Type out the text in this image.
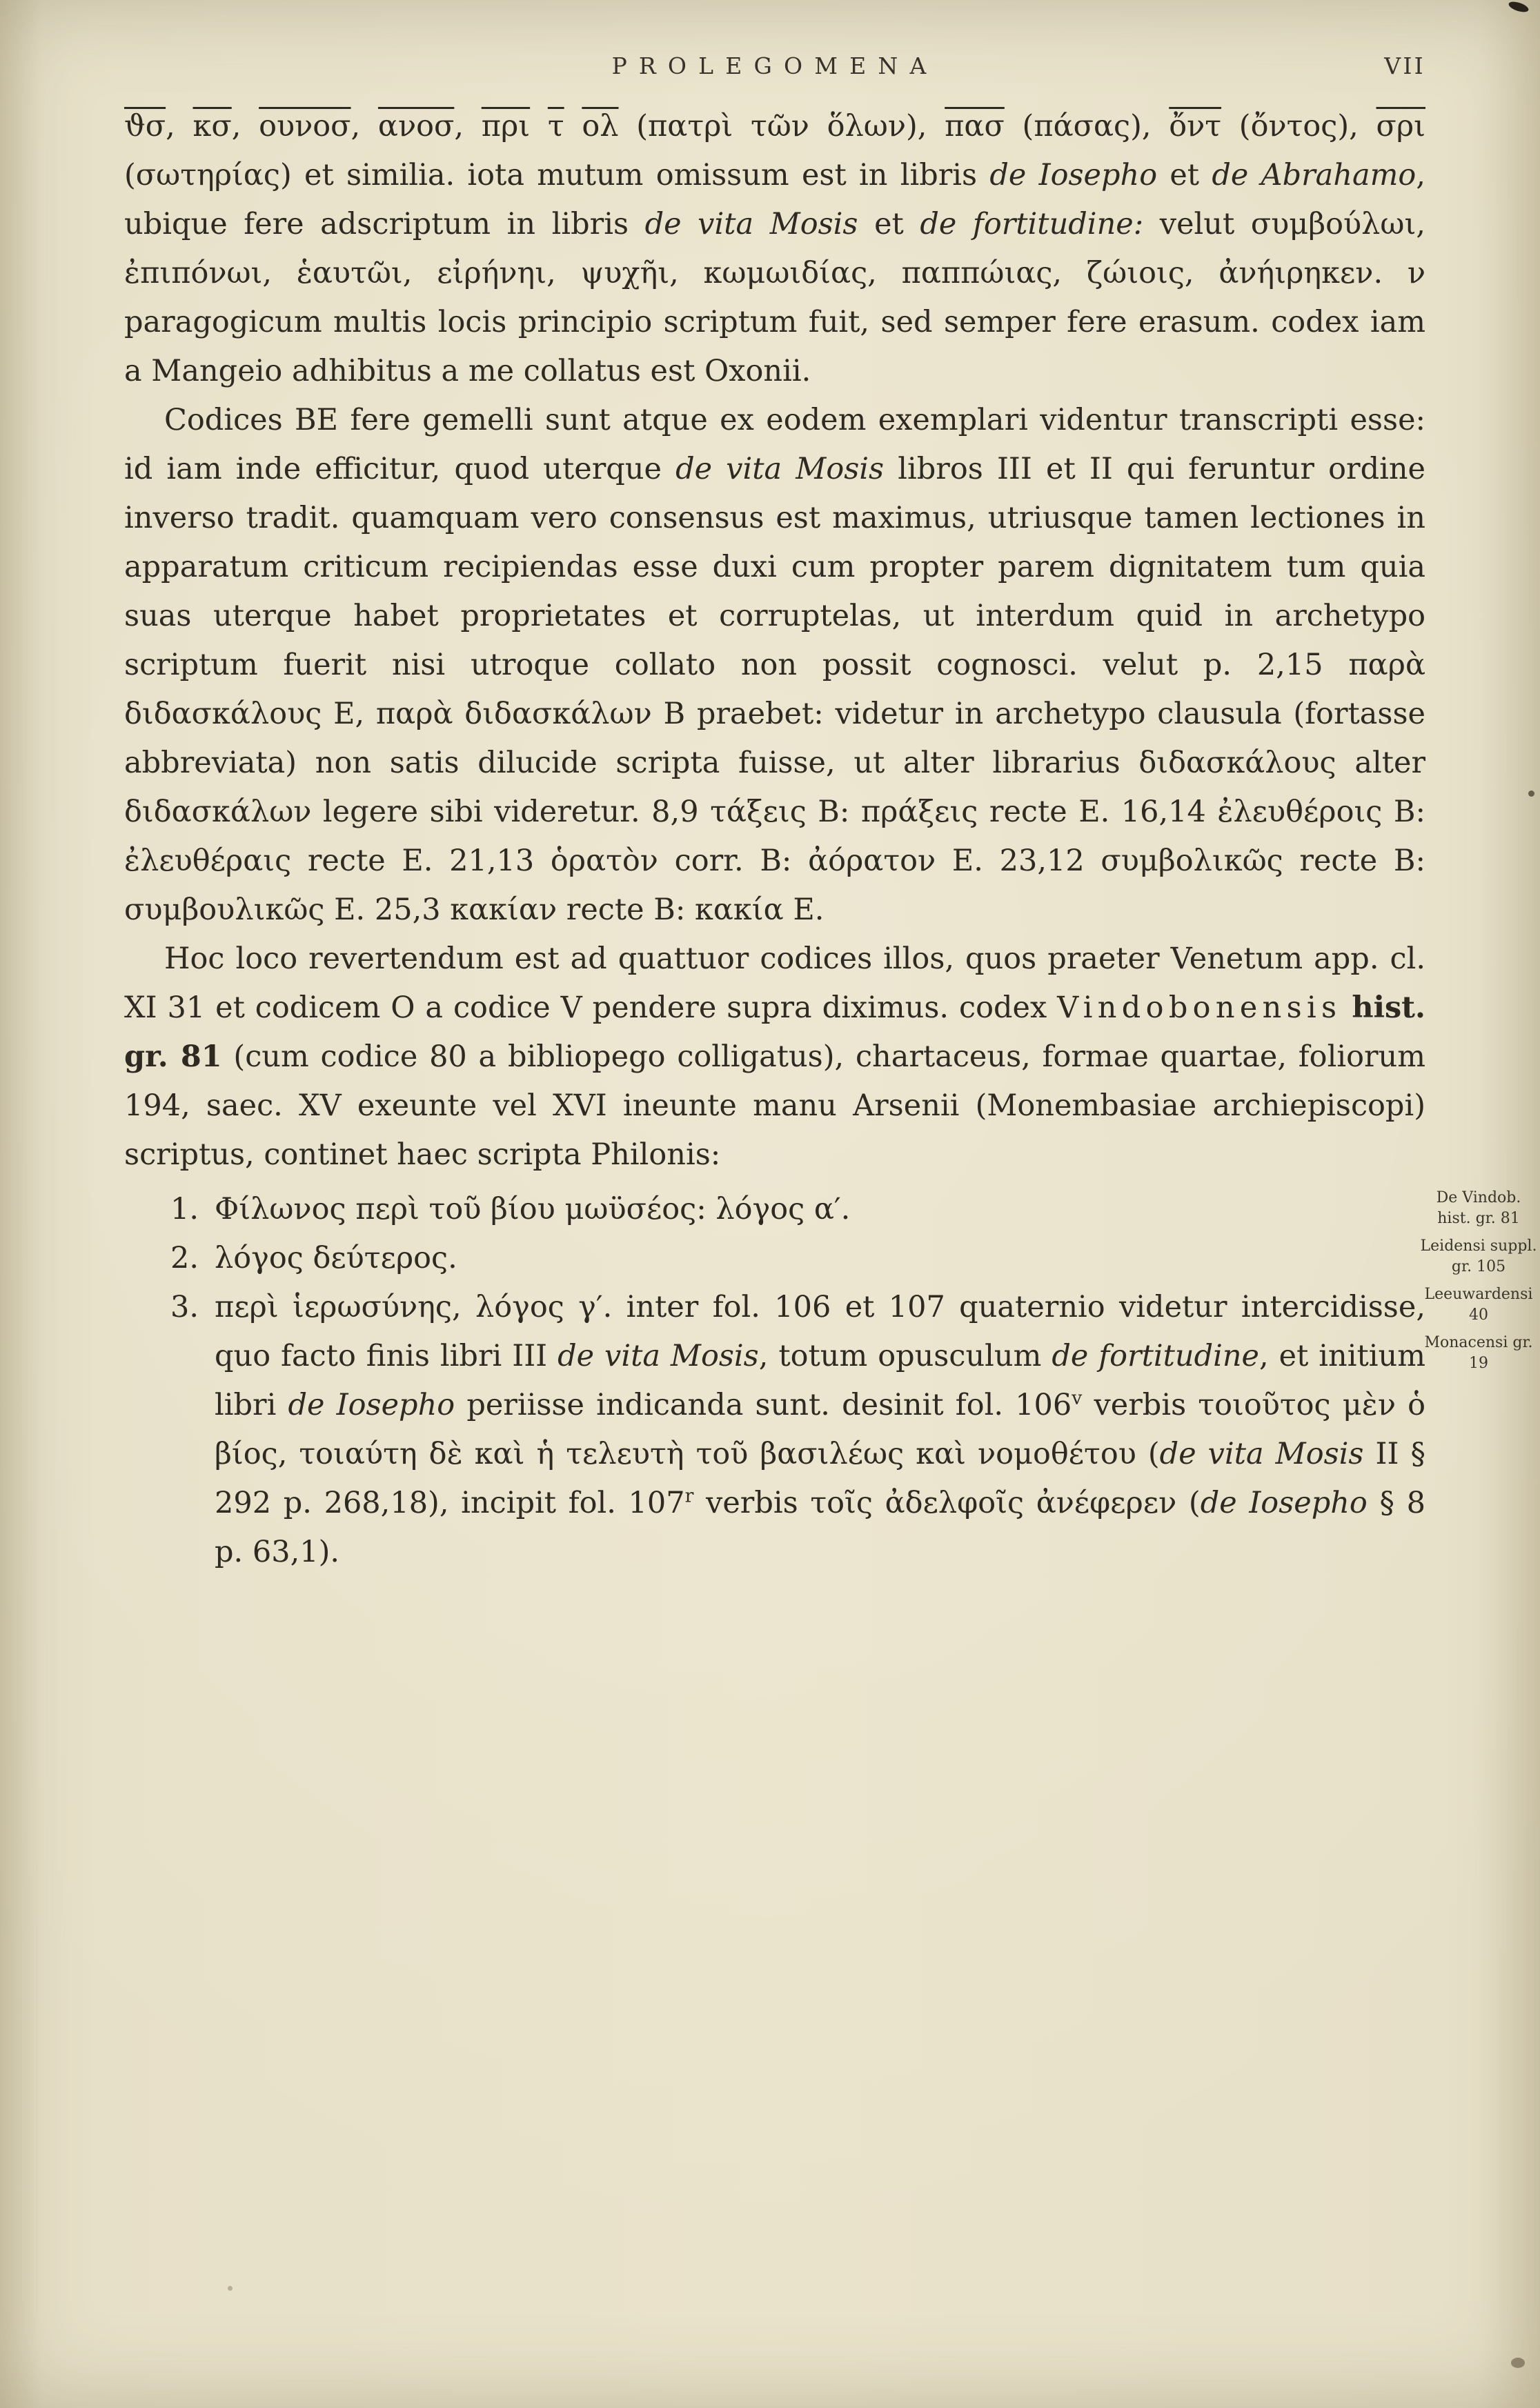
PROLEGOMENA	VII

$\overline{ϑ\sigma}$, $\overline{\kappa\sigma}$, ουνοσ, ανοσ, $\overline{\pi\rho\iota}$ $\overline{\tau}$ $\overline{o\lambda}$ (πατρὶ τῶν ὅλων), $\overline{\pi\alpha\sigma}$ (πάσας), $\overline{ὄ\nu\tau}$ (ὄντος), $\overline{\sigma\rho\iota}$ (σωτηρίας) et similia. iota mutum omissum est in libris de Iosepho et de Abrahamo, ubique fere adscriptum in libris de vita Mosis et de fortitudine: velut συμβούλωι, ἐπιπόνωι, ἑαυτῶι, εἰρήνηι, ψυχῆι, κωμωιδίας, παππώιας, ζώιοις, ἀνήιρηκεν. ν paragogicum multis locis principio scriptum fuit, sed semper fere erasum. codex iam a Mangeio adhibitus a me collatus est Oxonii.

Codices BE fere gemelli sunt atque ex eodem exemplari videntur transcripti esse: id iam inde efficitur, quod uterque de vita Mosis libros III et II qui feruntur ordine inverso tradit. quamquam vero consensus est maximus, utriusque tamen lectiones in apparatum criticum recipiendas esse duxi cum propter parem dignitatem tum quia suas uterque habet proprietates et corruptelas, ut interdum quid in archetypo scriptum fuerit nisi utroque collato non possit cognosci. velut p. 2,15 παρὰ διδασκάλους E, παρὰ διδασκάλων B praebet: videtur in archetypo clausula (fortasse abbreviata) non satis dilucide scripta fuisse, ut alter librarius διδασκάλους alter διδασκάλων legere sibi videretur. 8,9 τάξεις B: πράξεις recte E. 16,14 ἐλευθέροις B: ἐλευθέραις recte E. 21,13 ὁρατὸν corr. B: ἀόρατον E. 23,12 συμβολικῶς recte B: συμβουλικῶς E. 25,3 κακίαν recte B: κακία E.

Hoc loco revertendum est ad quattuor codices illos, quos praeter Venetum app. cl. XI 31 et codicem O a codice V pendere supra diximus. codex Vindobonensis hist. gr. 81 (cum codice 80 a bibliopego colligatus), chartaceus, formae quartae, foliorum 194, saec. XV exeunte vel XVI ineunte manu Arsenii (Monembasiae archiepiscopi) scriptus, continet haec scripta Philonis:

1. Φίλωνος περὶ τοῦ βίου μωϋσέος: λόγος α′.
2. λόγος δεύτερος.
3. περὶ ἱερωσύνης, λόγος γ′. inter fol. 106 et 107 quaternio videtur intercidisse, quo facto finis libri III de vita Mosis, totum opusculum de fortitudine, et initium libri de Iosepho periisse indicanda sunt. desinit fol. 106$^v$ verbis τοιοῦτος μὲν ὁ βίος, τοιαύτη δὲ καὶ ἡ τελευτὴ τοῦ βασιλέως καὶ νομοθέτου (de vita Mosis II § 292 p. 268,18), incipit fol. 107$^r$ verbis τοῖς ἀδελφοῖς ἀνέφερεν (de Iosepho § 8 p. 63,1).
De Vindob.
hist. gr. 81
Leidensi suppl.
gr. 105
Leeuwardensi
40
Monacensi gr.
19
